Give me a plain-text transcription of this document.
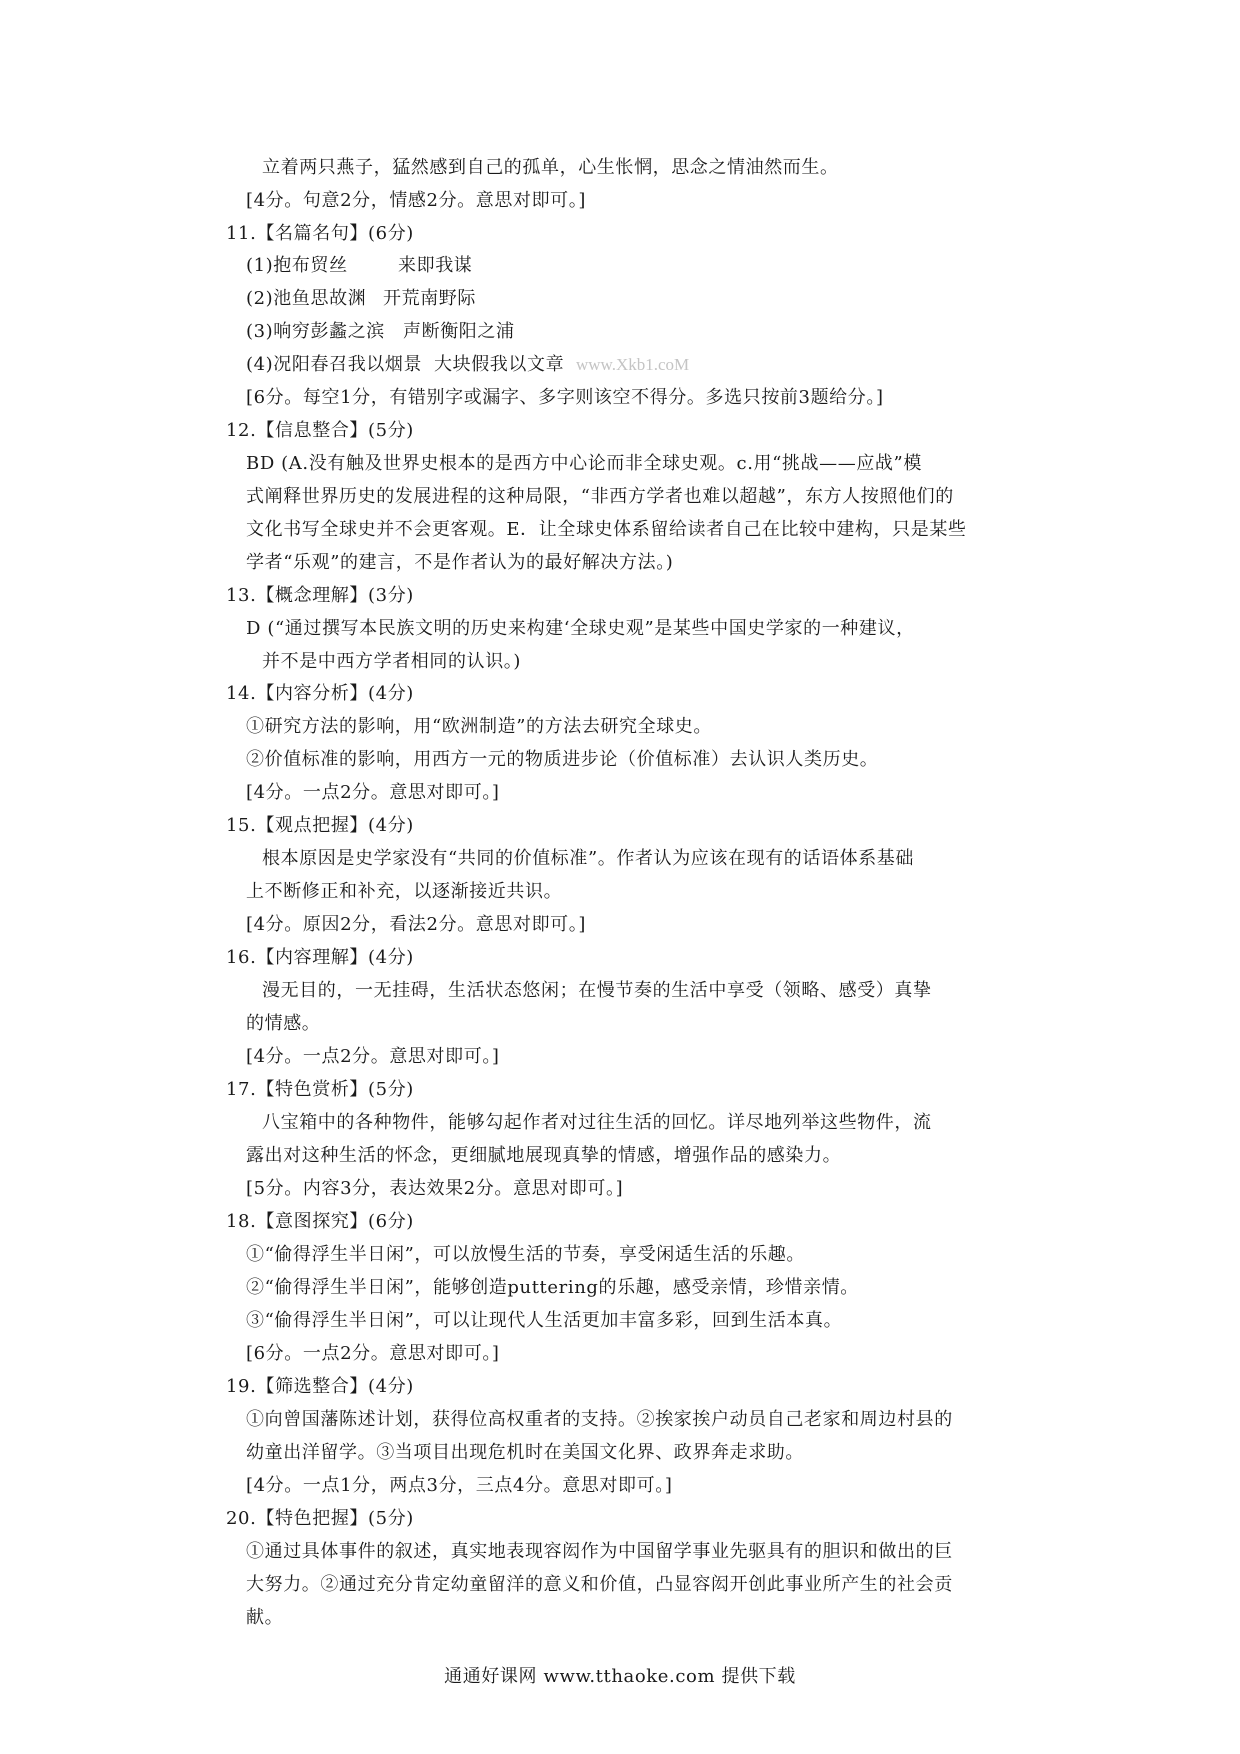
立着两只燕子，猛然感到自己的孤单，心生怅惘，思念之情油然而生。
[4分。句意2分，情感2分。意思对即可。]
11.【名篇名句】(6分)
(1)抱布贸丝	来即我谋
(2)池鱼思故渊 开荒南野际
(3)响穷彭蠡之滨 声断衡阳之浦
(4)况阳春召我以烟景 大块假我以文章 www.Xkb1.coM
[6分。每空1分，有错别字或漏字、多字则该空不得分。多选只按前3题给分。]
12.【信息整合】(5分)
BD (A.没有触及世界史根本的是西方中心论而非全球史观。c.用“挑战——应战”模
式阐释世界历史的发展进程的这种局限，“非西方学者也难以超越”，东方人按照他们的
文化书写全球史并不会更客观。E．让全球史体系留给读者自己在比较中建构，只是某些
学者“乐观”的建言，不是作者认为的最好解决方法。)
13.【概念理解】(3分)
D (“通过撰写本民族文明的历史来构建‘全球史观”是某些中国史学家的一种建议，
并不是中西方学者相同的认识。)
14.【内容分析】(4分)
①研究方法的影响，用“欧洲制造”的方法去研究全球史。
②价值标准的影响，用西方一元的物质进步论（价值标准）去认识人类历史。
[4分。一点2分。意思对即可。]
15.【观点把握】(4分)
根本原因是史学家没有“共同的价值标准”。作者认为应该在现有的话语体系基础
上不断修正和补充，以逐渐接近共识。
[4分。原因2分，看法2分。意思对即可。]
16.【内容理解】(4分)
漫无目的，一无挂碍，生活状态悠闲；在慢节奏的生活中享受（领略、感受）真挚
的情感。
[4分。一点2分。意思对即可。]
17.【特色赏析】(5分)
八宝箱中的各种物件，能够勾起作者对过往生活的回忆。详尽地列举这些物件，流
露出对这种生活的怀念，更细腻地展现真挚的情感，增强作品的感染力。
[5分。内容3分，表达效果2分。意思对即可。]
18.【意图探究】(6分)
①“偷得浮生半日闲”，可以放慢生活的节奏，享受闲适生活的乐趣。
②“偷得浮生半日闲”，能够创造puttering的乐趣，感受亲情，珍惜亲情。
③“偷得浮生半日闲”，可以让现代人生活更加丰富多彩，回到生活本真。
[6分。一点2分。意思对即可。]
19.【筛选整合】(4分)
①向曾国藩陈述计划，获得位高权重者的支持。②挨家挨户动员自己老家和周边村县的
幼童出洋留学。③当项目出现危机时在美国文化界、政界奔走求助。
[4分。一点1分，两点3分，三点4分。意思对即可。]
20.【特色把握】(5分)
①通过具体事件的叙述，真实地表现容闳作为中国留学事业先驱具有的胆识和做出的巨
大努力。②通过充分肯定幼童留洋的意义和价值，凸显容闳开创此事业所产生的社会贡
献。
通通好课网 www.tthaoke.com 提供下载
